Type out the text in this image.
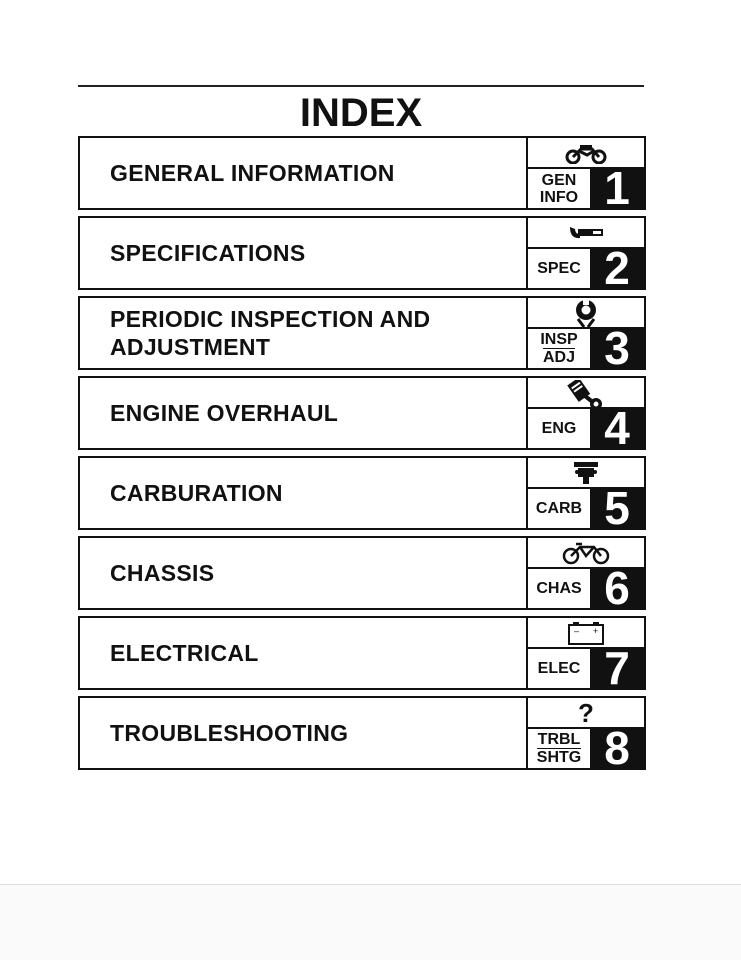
INDEX
GENERAL INFORMATION	GEN
INFO 1
SPECIFICATIONS
SPEC 2
PERIODIC INSPECTION AND
ADJUSTMENT	INSP
ADJ 3
ENGINE OVERHAUL
ENG 4
CARBURATION
CARB 5
CHASSIS
CHAS 6
ELECTRICAL
– +
ELEC 7
TROUBLESHOOTING
?
TRBL
SHTG 8
